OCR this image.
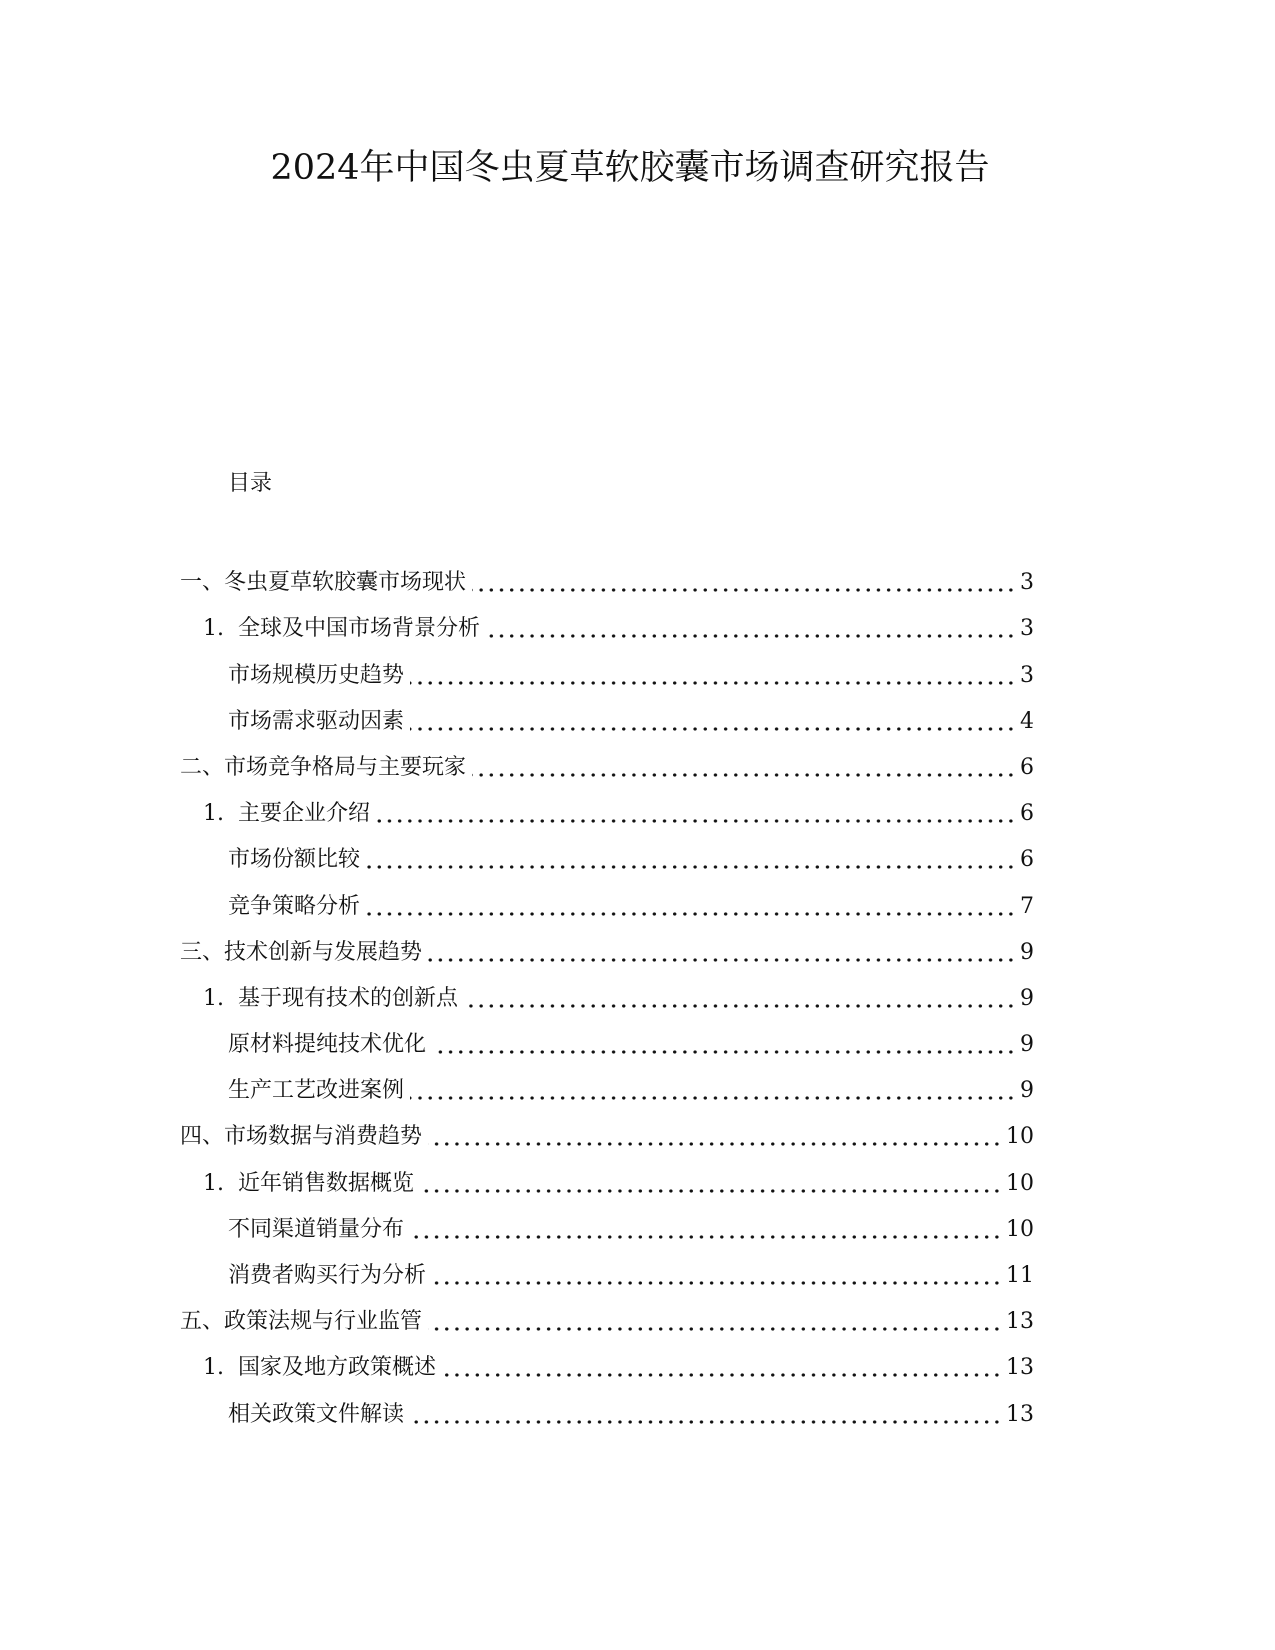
2024年中国冬虫夏草软胶囊市场调查研究报告
目录
一、冬虫夏草软胶囊市场现状	3
1. 全球及中国市场背景分析	3
市场规模历史趋势	3
市场需求驱动因素	4
二、市场竞争格局与主要玩家	6
1. 主要企业介绍	6
市场份额比较	6
竞争策略分析	7
三、技术创新与发展趋势	9
1. 基于现有技术的创新点	9
原材料提纯技术优化	9
生产工艺改进案例	9
四、市场数据与消费趋势	10
1. 近年销售数据概览	10
不同渠道销量分布	10
消费者购买行为分析	11
五、政策法规与行业监管	13
1. 国家及地方政策概述	13
相关政策文件解读	13
